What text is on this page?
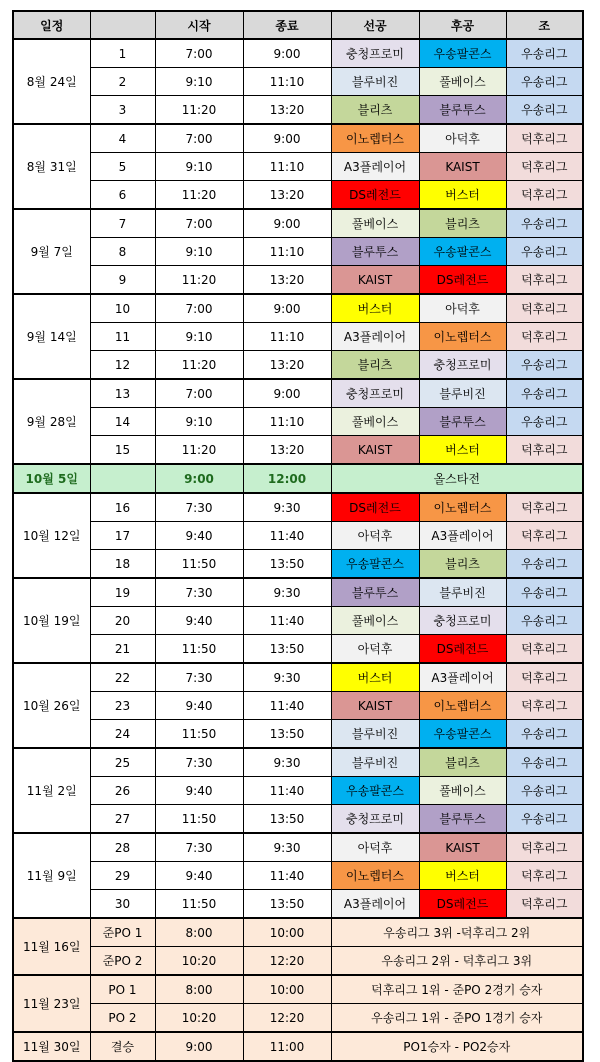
일정		시작	종료	선공	후공	조
8월 24일	1	7:00	9:00	충청프로미	우송팔콘스	우송리그
	2	9:10	11:10	블루비진	풀베이스	우송리그
	3	11:20	13:20	블리츠	블루투스	우송리그
8월 31일	4	7:00	9:00	이노렙터스	아덕후	덕후리그
	5	9:10	11:10	A3플레이어	KAIST	덕후리그
	6	11:20	13:20	DS레전드	버스터	덕후리그
9월 7일	7	7:00	9:00	풀베이스	블리츠	우송리그
	8	9:10	11:10	블루투스	우송팔콘스	우송리그
	9	11:20	13:20	KAIST	DS레전드	덕후리그
9월 14일	10	7:00	9:00	버스터	아덕후	덕후리그
	11	9:10	11:10	A3플레이어	이노렙터스	덕후리그
	12	11:20	13:20	블리츠	충청프로미	우송리그
9월 28일	13	7:00	9:00	충청프로미	블루비진	우송리그
	14	9:10	11:10	풀베이스	블루투스	우송리그
	15	11:20	13:20	KAIST	버스터	덕후리그
10월 5일		9:00	12:00	올스타전		
10월 12일	16	7:30	9:30	DS레전드	이노렙터스	덕후리그
	17	9:40	11:40	아덕후	A3플레이어	덕후리그
	18	11:50	13:50	우송팔콘스	블리츠	우송리그
10월 19일	19	7:30	9:30	블루투스	블루비진	우송리그
	20	9:40	11:40	풀베이스	충청프로미	우송리그
	21	11:50	13:50	아덕후	DS레전드	덕후리그
10월 26일	22	7:30	9:30	버스터	A3플레이어	덕후리그
	23	9:40	11:40	KAIST	이노렙터스	덕후리그
	24	11:50	13:50	블루비진	우송팔콘스	우송리그
11월 2일	25	7:30	9:30	블루비진	블리츠	우송리그
	26	9:40	11:40	우송팔콘스	풀베이스	우송리그
	27	11:50	13:50	충청프로미	블루투스	우송리그
11월 9일	28	7:30	9:30	아덕후	KAIST	덕후리그
	29	9:40	11:40	이노렙터스	버스터	덕후리그
	30	11:50	13:50	A3플레이어	DS레전드	덕후리그
11월 16일	준PO 1	8:00	10:00	우송리그 3위 -덕후리그 2위		
	준PO 2	10:20	12:20	우송리그 2위 - 덕후리그 3위		
11월 23일	PO 1	8:00	10:00	덕후리그 1위 - 준PO 2경기 승자		
	PO 2	10:20	12:20	우송리그 1위 - 준PO 1경기 승자		
11월 30일	결승	9:00	11:00	PO1승자 - PO2승자		
